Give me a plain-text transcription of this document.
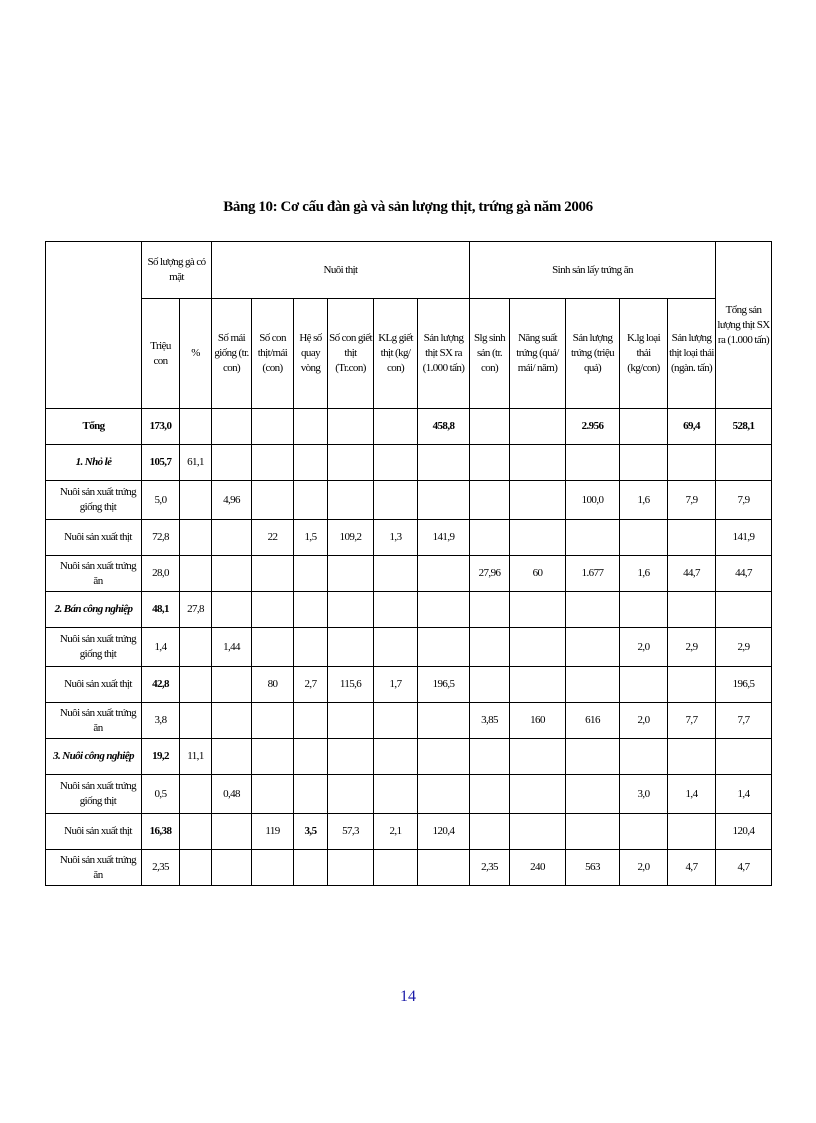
Bảng 10: Cơ cấu đàn gà và sản lượng thịt, trứng gà năm 2006
	Số lượng gà có mặt		Nuôi thịt						Sinh sản lấy trứng ăn					Tổng sản lượng thịt SX ra (1.000 tấn)
	Triệu con	%	Số mái giống (tr. con)	Số con thịt/mái (con)	Hệ số quay vòng	Số con giết thịt (Tr.con)	KLg giết thịt (kg/ con)	Sản lượng thịt SX ra (1.000 tấn)	Slg sinh sản (tr. con)	Năng suất trứng (quả/ mái/ năm)	Sản lượng trứng (triệu quả)	K.lg loại thải (kg/con)	Sản lượng thịt loại thải (ngàn. tấn)	
Tổng	173,0							458,8			2.956		69,4	528,1
1. Nhỏ lẻ	105,7	61,1												
Nuôi sản xuất trứng giống thịt	5,0		4,96								100,0	1,6	7,9	7,9
Nuôi sản xuất thịt	72,8			22	1,5	109,2	1,3	141,9						141,9
Nuôi sản xuất trứng ăn	28,0								27,96	60	1.677	1,6	44,7	44,7
2. Bán công nghiệp	48,1	27,8												
Nuôi sản xuất trứng giống thịt	1,4		1,44									2,0	2,9	2,9
Nuôi sản xuất thịt	42,8			80	2,7	115,6	1,7	196,5						196,5
Nuôi sản xuất trứng ăn	3,8								3,85	160	616	2,0	7,7	7,7
3. Nuôi công nghiệp	19,2	11,1												
Nuôi sản xuất trứng giống thịt	0,5		0,48									3,0	1,4	1,4
Nuôi sản xuất thịt	16,38			119	3,5	57,3	2,1	120,4						120,4
Nuôi sản xuất trứng ăn	2,35								2,35	240	563	2,0	4,7	4,7
14
